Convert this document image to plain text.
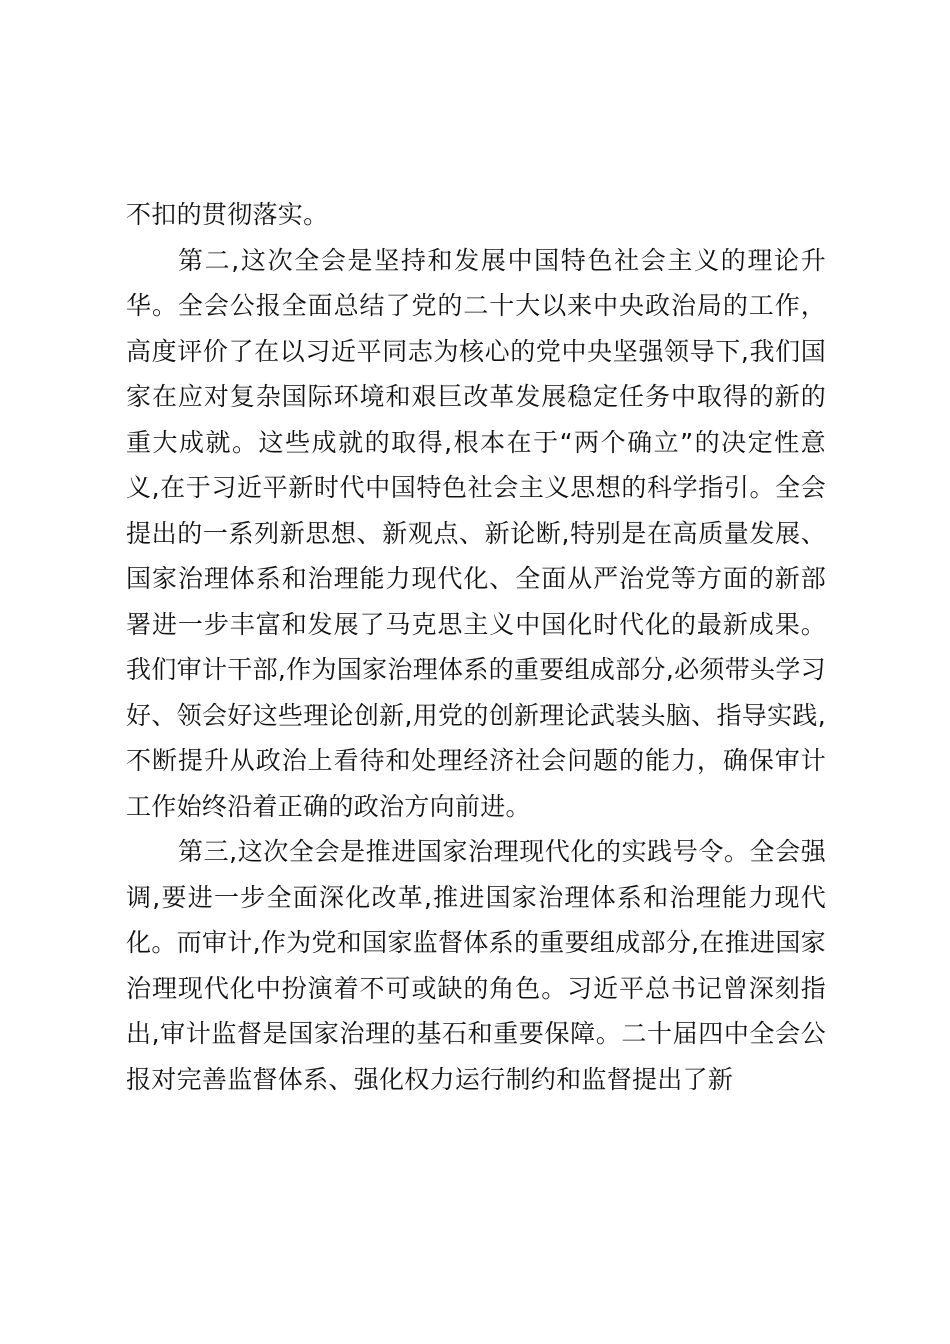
不扣的贯彻落实。

第二,这次全会是坚持和发展中国特色社会主义的理论升华。全会公报全面总结了党的二十大以来中央政治局的工作，高度评价了在以习近平同志为核心的党中央坚强领导下,我们国家在应对复杂国际环境和艰巨改革发展稳定任务中取得的新的重大成就。这些成就的取得,根本在于“两个确立”的决定性意义,在于习近平新时代中国特色社会主义思想的科学指引。全会提出的一系列新思想、新观点、新论断,特别是在高质量发展、国家治理体系和治理能力现代化、全面从严治党等方面的新部署进一步丰富和发展了马克思主义中国化时代化的最新成果。我们审计干部,作为国家治理体系的重要组成部分,必须带头学习好、领会好这些理论创新,用党的创新理论武装头脑、指导实践,不断提升从政治上看待和处理经济社会问题的能力，确保审计工作始终沿着正确的政治方向前进。

第三,这次全会是推进国家治理现代化的实践号令。全会强调,要进一步全面深化改革,推进国家治理体系和治理能力现代化。而审计,作为党和国家监督体系的重要组成部分,在推进国家治理现代化中扮演着不可或缺的角色。习近平总书记曾深刻指出,审计监督是国家治理的基石和重要保障。二十届四中全会公报对完善监督体系、强化权力运行制约和监督提出了新
